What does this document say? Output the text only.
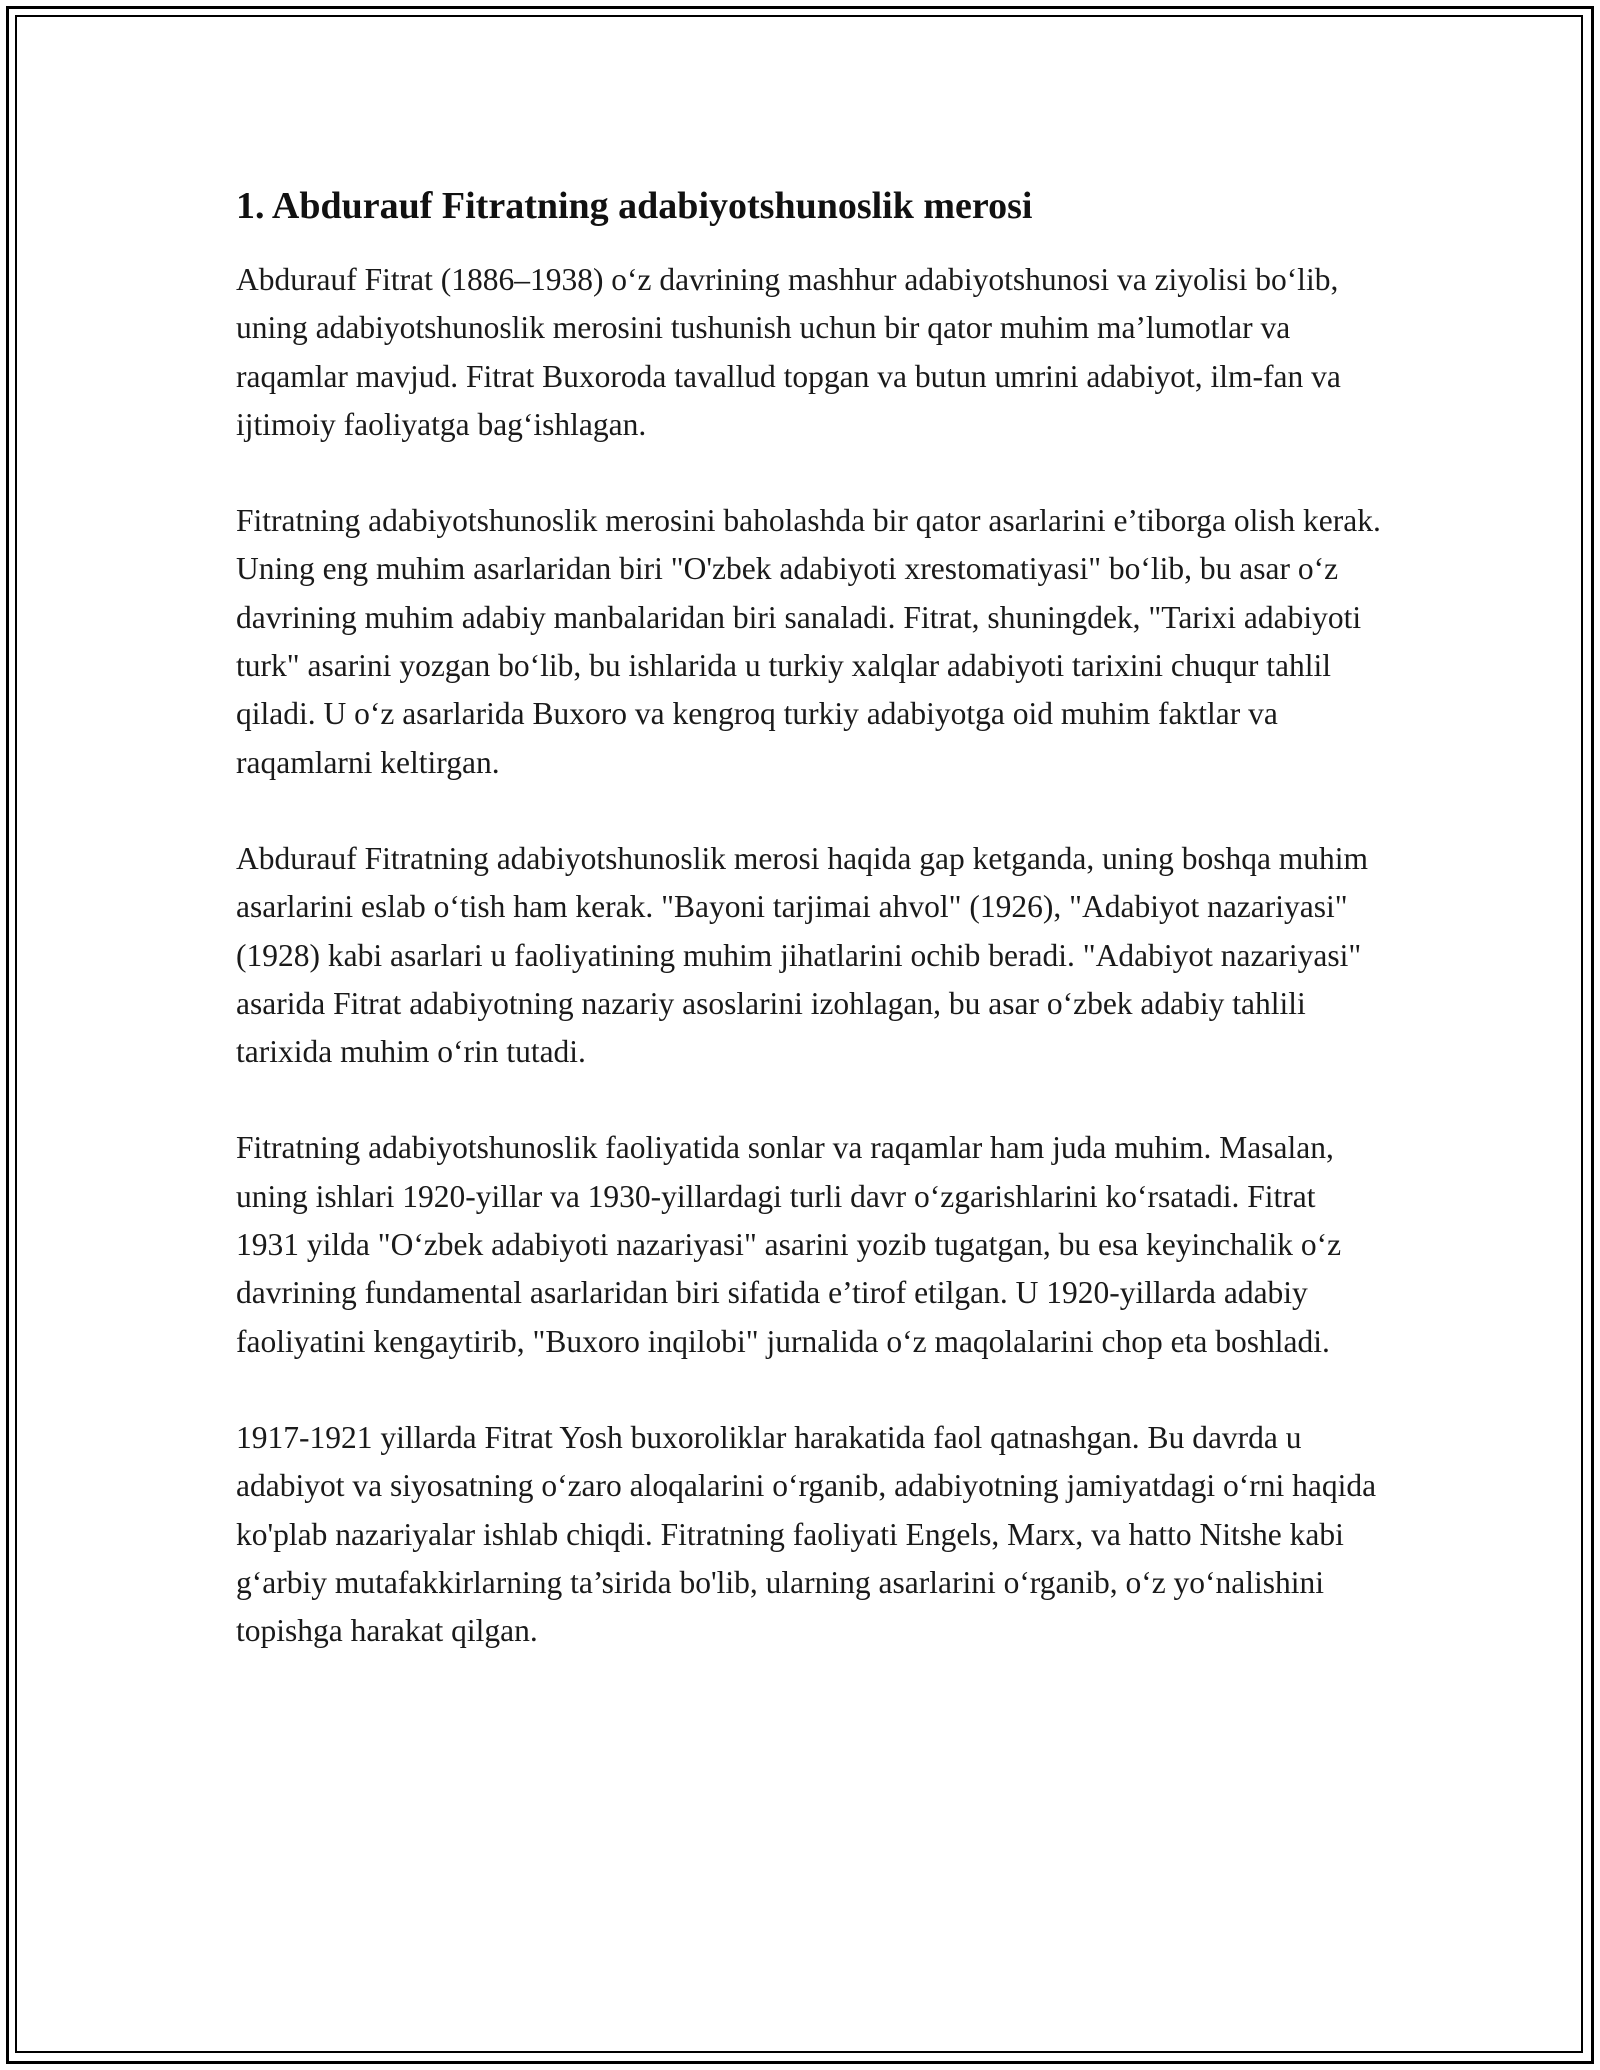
1. Abdurauf Fitratning adabiyotshunoslik merosi

Abdurauf Fitrat (1886–1938) o‘z davrining mashhur adabiyotshunosi va ziyolisi bo‘lib, uning adabiyotshunoslik merosini tushunish uchun bir qator muhim ma’lumotlar va raqamlar mavjud. Fitrat Buxoroda tavallud topgan va butun umrini adabiyot, ilm-fan va ijtimoiy faoliyatga bag‘ishlagan.

Fitratning adabiyotshunoslik merosini baholashda bir qator asarlarini e’tiborga olish kerak. Uning eng muhim asarlaridan biri "O'zbek adabiyoti xrestomatiyasi" bo‘lib, bu asar o‘z davrining muhim adabiy manbalaridan biri sanaladi. Fitrat, shuningdek, "Tarixi adabiyoti turk" asarini yozgan bo‘lib, bu ishlarida u turkiy xalqlar adabiyoti tarixini chuqur tahlil qiladi. U o‘z asarlarida Buxoro va kengroq turkiy adabiyotga oid muhim faktlar va raqamlarni keltirgan.

Abdurauf Fitratning adabiyotshunoslik merosi haqida gap ketganda, uning boshqa muhim asarlarini eslab o‘tish ham kerak. "Bayoni tarjimai ahvol" (1926), "Adabiyot nazariyasi" (1928) kabi asarlari u faoliyatining muhim jihatlarini ochib beradi. "Adabiyot nazariyasi" asarida Fitrat adabiyotning nazariy asoslarini izohlagan, bu asar o‘zbek adabiy tahlili tarixida muhim o‘rin tutadi.

Fitratning adabiyotshunoslik faoliyatida sonlar va raqamlar ham juda muhim. Masalan, uning ishlari 1920-yillar va 1930-yillardagi turli davr o‘zgarishlarini ko‘rsatadi. Fitrat 1931 yilda "O‘zbek adabiyoti nazariyasi" asarini yozib tugatgan, bu esa keyinchalik o‘z davrining fundamental asarlaridan biri sifatida e’tirof etilgan. U 1920-yillarda adabiy faoliyatini kengaytirib, "Buxoro inqilobi" jurnalida o‘z maqolalarini chop eta boshladi.

1917-1921 yillarda Fitrat Yosh buxoroliklar harakatida faol qatnashgan. Bu davrda u adabiyot va siyosatning o‘zaro aloqalarini o‘rganib, adabiyotning jamiyatdagi o‘rni haqida ko'plab nazariyalar ishlab chiqdi. Fitratning faoliyati Engels, Marx, va hatto Nitshe kabi g‘arbiy mutafakkirlarning ta’sirida bo'lib, ularning asarlarini o‘rganib, o‘z yo‘nalishini topishga harakat qilgan.
